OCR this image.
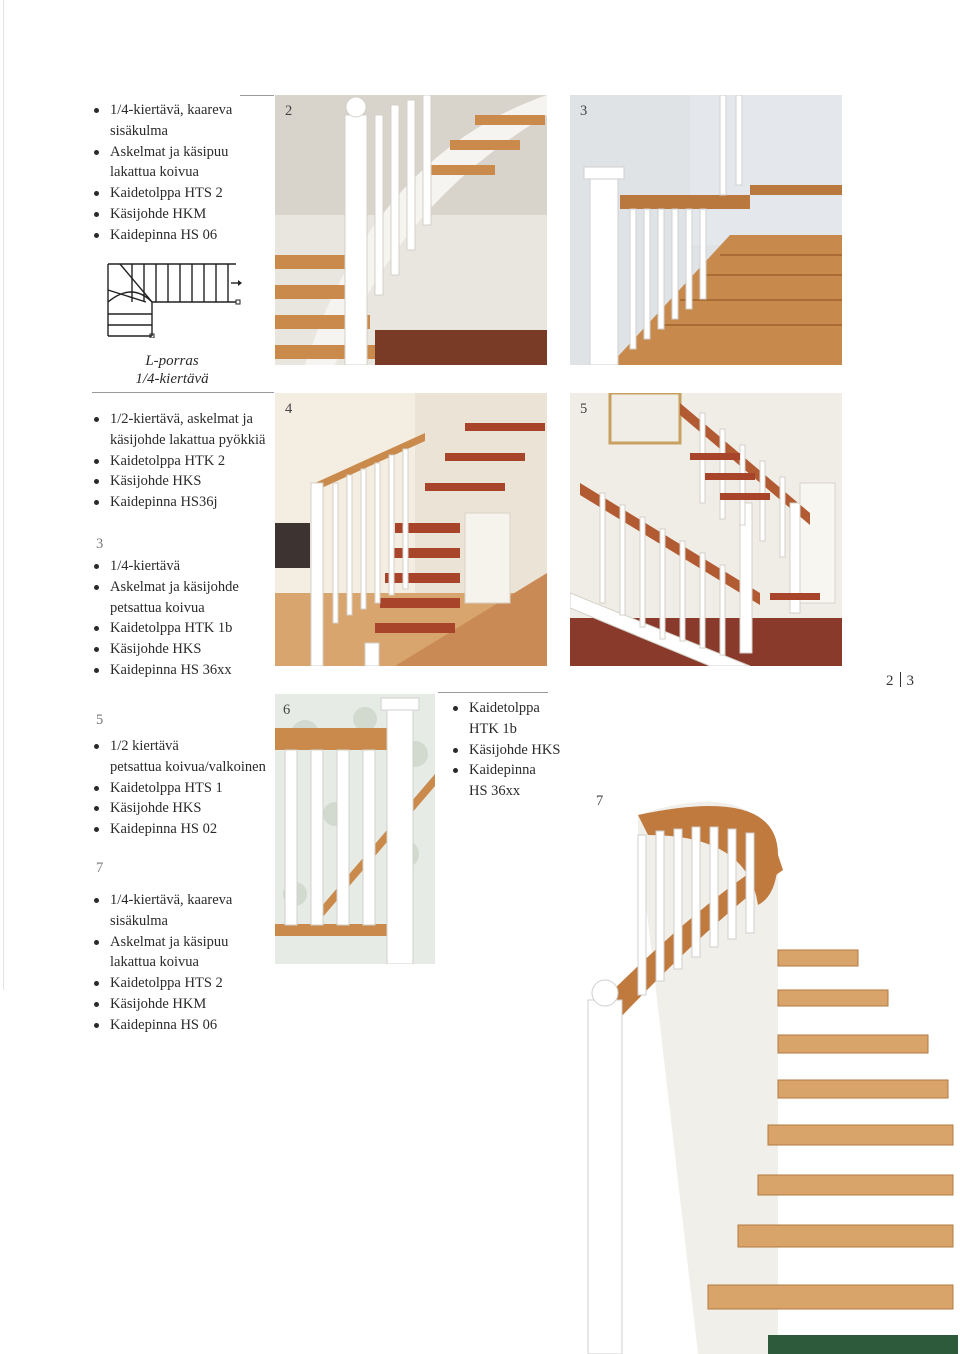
1/4-kiertävä, kaareva
sisäkulma
Askelmat ja käsipuu
lakattua koivua
Kaidetolppa HTS 2
Käsijohde HKM
Kaidepinna HS 06
L-porras
1/4-kiertävä
1/2-kiertävä, askelmat ja
käsijohde lakattua pyökkiä
Kaidetolppa HTK 2
Käsijohde HKS
Kaidepinna HS36j
3
1/4-kiertävä
Askelmat ja käsijohde
petsattua koivua
Kaidetolppa HTK 1b
Käsijohde HKS
Kaidepinna HS 36xx
5
1/2 kiertävä
petsattua koivua/valkoinen
Kaidetolppa HTS 1
Käsijohde HKS
Kaidepinna HS 02
7
1/4-kiertävä, kaareva
sisäkulma
Askelmat ja käsipuu
lakattua koivua
Kaidetolppa HTS 2
Käsijohde HKM
Kaidepinna HS 06
Kaidetolppa
HTK 1b
Käsijohde HKS
Kaidepinna
HS 36xx
2	3
4	5
6
7
2 3
